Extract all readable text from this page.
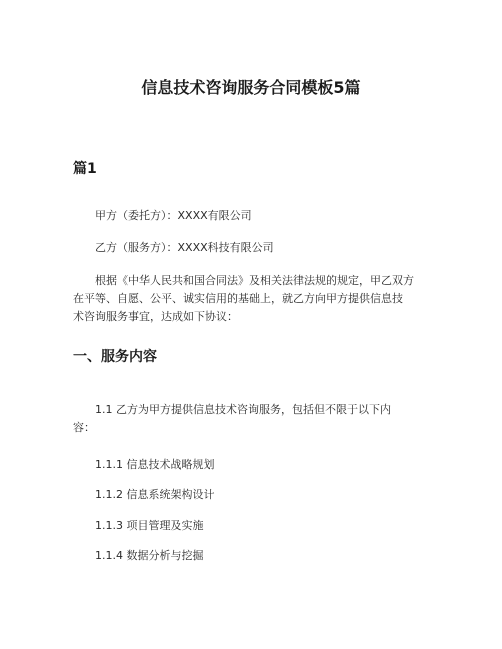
信息技术咨询服务合同模板5篇
篇1
甲方（委托方）：XXXX有限公司
乙方（服务方）：XXXX科技有限公司
根据《中华人民共和国合同法》及相关法律法规的规定，甲乙双方
在平等、自愿、公平、诚实信用的基础上，就乙方向甲方提供信息技
术咨询服务事宜，达成如下协议：
一、服务内容
1.1 乙方为甲方提供信息技术咨询服务，包括但不限于以下内
容：
1.1.1 信息技术战略规划
1.1.2 信息系统架构设计
1.1.3 项目管理及实施
1.1.4 数据分析与挖掘
